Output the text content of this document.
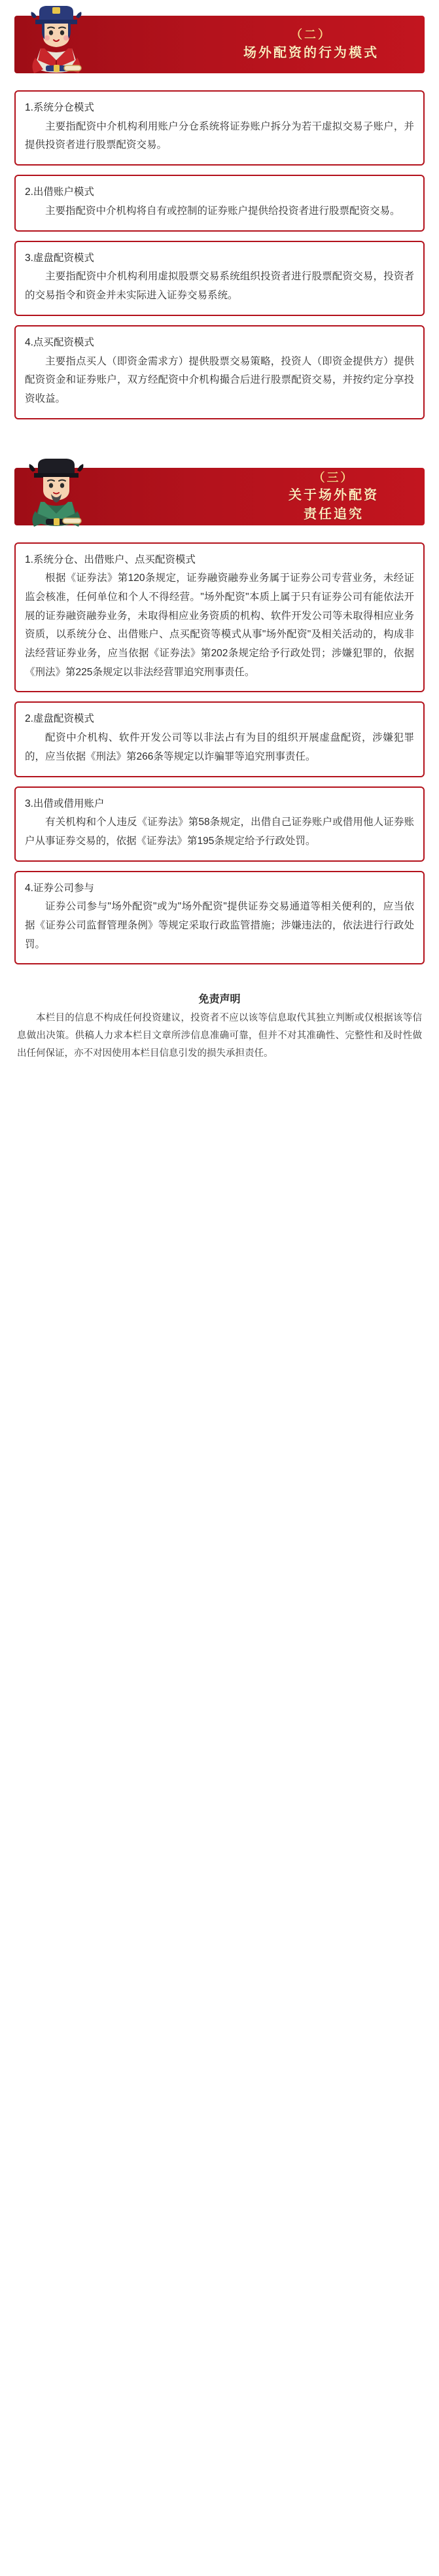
（二）
场外配资的行为模式
1.系统分仓模式
主要指配资中介机构利用账户分仓系统将证券账户拆分为若干虚拟交易子账户，并提供投资者进行股票配资交易。
2.出借账户模式
主要指配资中介机构将自有或控制的证券账户提供给投资者进行股票配资交易。
3.虚盘配资模式
主要指配资中介机构利用虚拟股票交易系统组织投资者进行股票配资交易，投资者的交易指令和资金并未实际进入证券交易系统。
4.点买配资模式
主要指点买人（即资金需求方）提供股票交易策略，投资人（即资金提供方）提供配资资金和证券账户，双方经配资中介机构撮合后进行股票配资交易，并按约定分享投资收益。
（三）
关于场外配资
责任追究
1.系统分仓、出借账户、点买配资模式
根据《证券法》第120条规定，证券融资融券业务属于证券公司专营业务，未经证监会核准，任何单位和个人不得经营。"场外配资"本质上属于只有证券公司有能依法开展的证券融资融券业务，未取得相应业务资质的机构、软件开发公司等未取得相应业务资质，以系统分仓、出借账户、点买配资等模式从事"场外配资"及相关活动的，构成非法经营证券业务，应当依据《证券法》第202条规定给予行政处罚；涉嫌犯罪的，依据《刑法》第225条规定以非法经营罪追究刑事责任。
2.虚盘配资模式
配资中介机构、软件开发公司等以非法占有为目的组织开展虚盘配资，涉嫌犯罪的，应当依据《刑法》第266条等规定以诈骗罪等追究刑事责任。
3.出借或借用账户
有关机构和个人违反《证券法》第58条规定，出借自己证券账户或借用他人证券账户从事证券交易的，依据《证券法》第195条规定给予行政处罚。
4.证券公司参与
证券公司参与"场外配资"或为"场外配资"提供证券交易通道等相关便利的，应当依据《证券公司监督管理条例》等规定采取行政监管措施；涉嫌违法的，依法进行行政处罚。
免责声明
本栏目的信息不构成任何投资建议，投资者不应以该等信息取代其独立判断或仅根据该等信息做出决策。供稿人力求本栏目文章所涉信息准确可靠，但并不对其准确性、完整性和及时性做出任何保证，亦不对因使用本栏目信息引发的损失承担责任。
